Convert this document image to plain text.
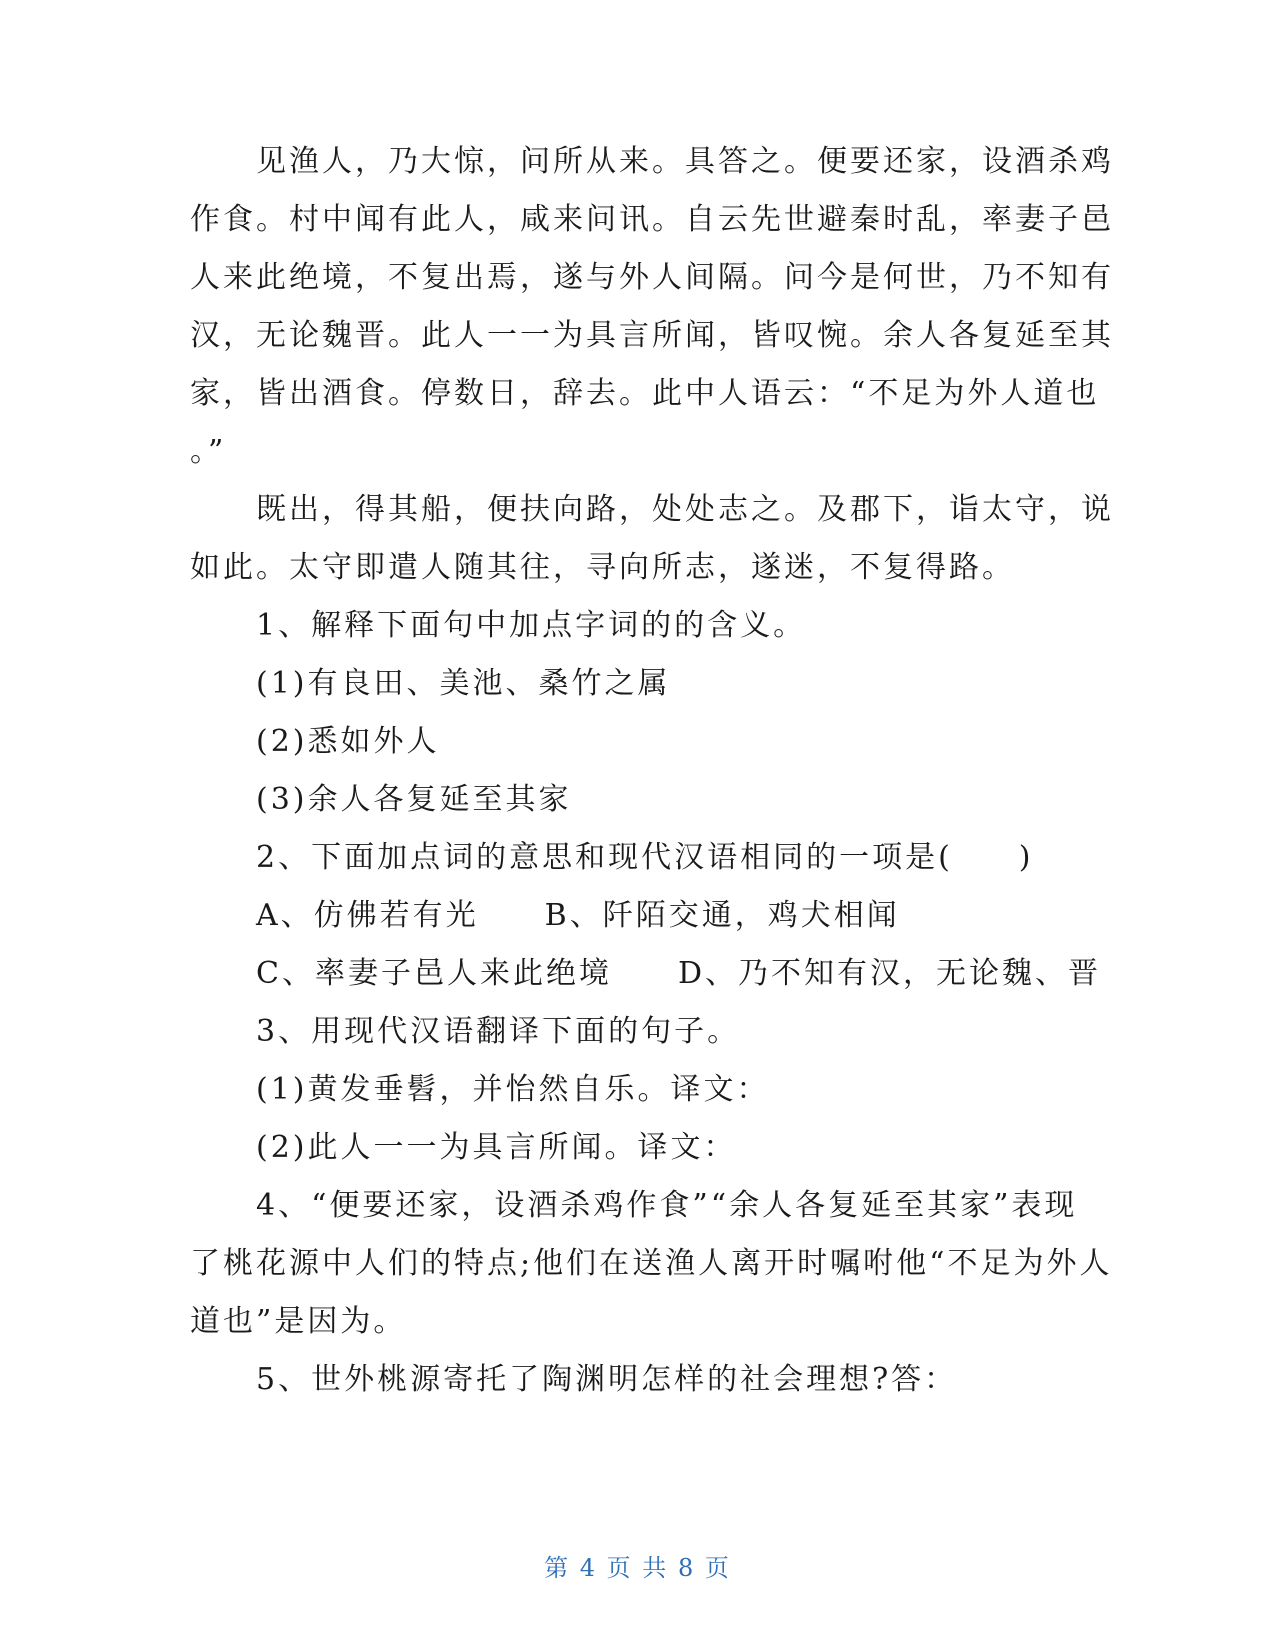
　　见渔人，乃大惊，问所从来。具答之。便要还家，设酒杀鸡
作食。村中闻有此人，咸来问讯。自云先世避秦时乱，率妻子邑
人来此绝境，不复出焉，遂与外人间隔。问今是何世，乃不知有
汉，无论魏晋。此人一一为具言所闻，皆叹惋。余人各复延至其
家，皆出酒食。停数日，辞去。此中人语云：“不足为外人道也
。”
　　既出，得其船，便扶向路，处处志之。及郡下，诣太守，说
如此。太守即遣人随其往，寻向所志，遂迷，不复得路。
　　1、解释下面句中加点字词的的含义。
　　(1)有良田、美池、桑竹之属
　　(2)悉如外人
　　(3)余人各复延至其家
　　2、下面加点词的意思和现代汉语相同的一项是(　　)
　　A、仿佛若有光　　B、阡陌交通，鸡犬相闻
　　C、率妻子邑人来此绝境　　D、乃不知有汉，无论魏、晋
　　3、用现代汉语翻译下面的句子。
　　(1)黄发垂髫，并怡然自乐。译文：
　　(2)此人一一为具言所闻。译文：
　　4、“便要还家，设酒杀鸡作食”“余人各复延至其家”表现
了桃花源中人们的特点;他们在送渔人离开时嘱咐他“不足为外人
道也”是因为。
　　5、世外桃源寄托了陶渊明怎样的社会理想?答：
第 4 页 共 8 页
